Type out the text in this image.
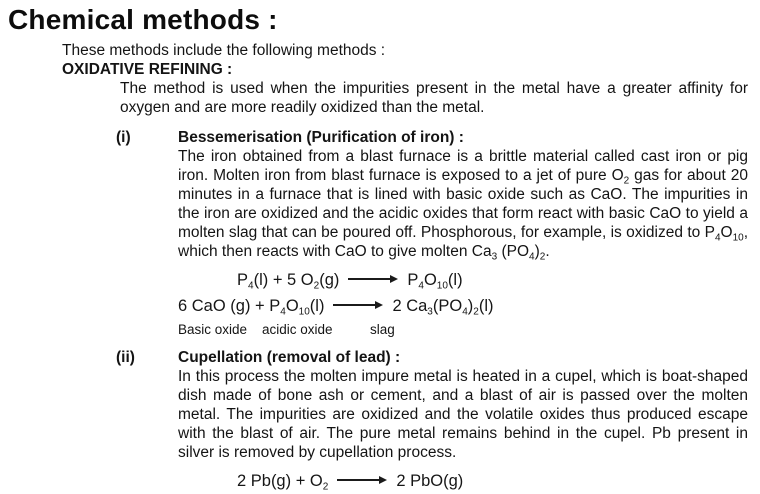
Chemical methods :

These methods include the following methods :

OXIDATIVE REFINING :

The method is used when the impurities present in the metal have a greater affinity for oxygen and are more readily oxidized than the metal.

(i)	Bessemerisation (Purification of iron) :

The iron obtained from a blast furnace is a brittle material called cast iron or pig iron. Molten iron from blast furnace is exposed to a jet of pure $O_2$ gas for about 20 minutes in a furnace that is lined with basic oxide such as CaO. The impurities in the iron are oxidized and the acidic oxides that form react with basic CaO to yield a molten slag that can be poured off. Phosphorous, for example, is oxidized to $P_4O_{10}$, which then reacts with CaO to give molten $Ca_3$ $(PO_4)_2$.

$P_4(l) + 5$ $O_2(g)$	$P_4O_{10}(l)$
6 CaO $(g) + P_4O_{10}(l)$	2 $Ca_3(PO_4)_2(l)$
Basic oxide acidic oxide	slag
(ii)	Cupellation (removal of lead) :

In this process the molten impure metal is heated in a cupel, which is boat-shaped dish made of bone ash or cement, and a blast of air is passed over the molten metal. The impurities are oxidized and the volatile oxides thus produced escape with the blast of air. The pure metal remains behind in the cupel. Pb present in silver is removed by cupellation process.

2 $Pb(g) + O_2$	2 PbO(g)
